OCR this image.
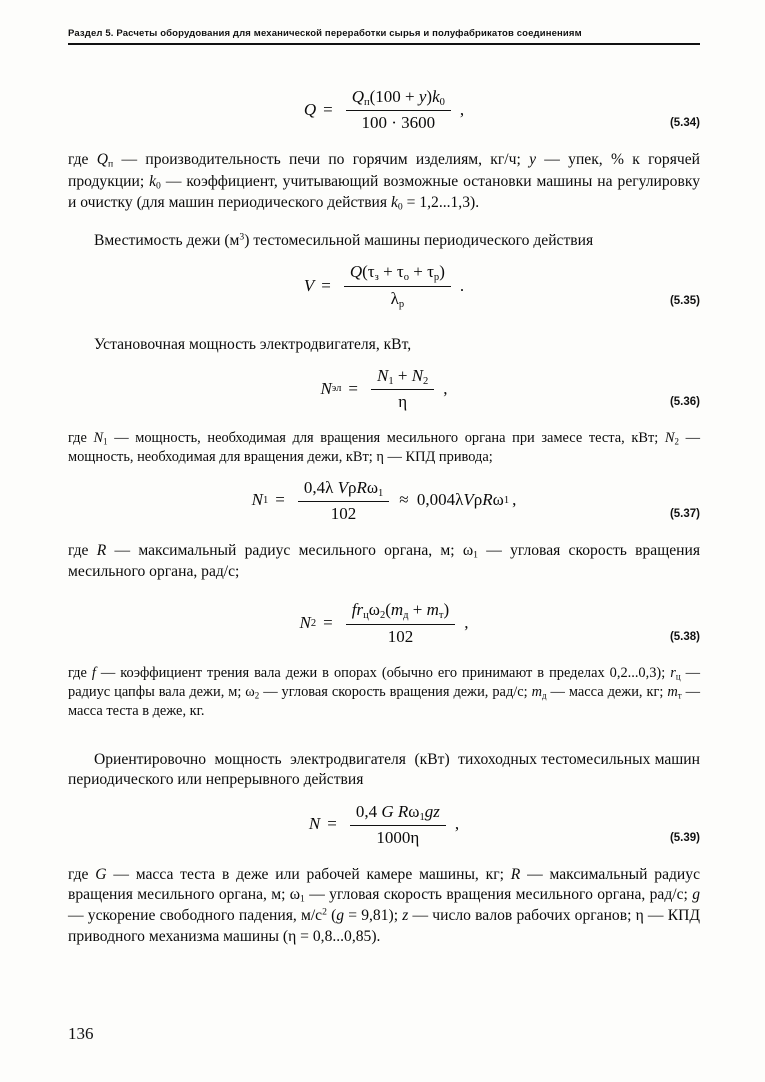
Раздел 5. Расчеты оборудования для механической переработки сырья и полуфабрикатов соединениям
$Q = \frac{Q_п(100 + y)k_0}{100 \cdot 3600}$ ,
(5.34)

где $Q_п$ — производительность печи по горячим изделиям, кг/ч; y — упек, % к горячей продукции; $k_0$ — коэффициент, учитывающий возможные остановки машины на регулировку и очистку (для машин периодического действия $k_0 = 1,2...1,3$).

Вместимость дежи $(м^3)$ тестомесильной машины периодического действия

$V = \frac{Q(\tau_з + \tau_о + \tau_р)}{\lambda_р}$ .
(5.35)

Установочная мощность электродвигателя, кВт,

N эл = $\frac{N_1 + N_2}{\eta}$ ,
(5.36)

где $N_1$ — мощность, необходимая для вращения месильного органа при замесе теста, кВт; $N_2$ — мощность, необходимая для вращения дежи, кВт; η — КПД привода;

N $1 = \frac{0,4\lambda V\rho R\omega_1}{102} \approx 0,004\lambda$ V ρ R ω 1 ,
(5.37)

где R — максимальный радиус месильного органа, м; $\omega_1$ — угловая скорость вращения месильного органа, рад/с;

N $2 = \frac{fr_ц\omega_2(m_д + m_т)}{102}$ ,
(5.38)

где f — коэффициент трения вала дежи в опорах (обычно его принимают в пределах 0,2...0,3); $r_ц$ — радиус цапфы вала дежи, м; $\omega_2$ — угловая скорость вращения дежи, рад/с; $m_д$ — масса дежи, кг; $m_т$ — масса теста в деже, кг.

Ориентировочно  мощность  электродвигателя  (кВт)  тихоходных тестомесильных машин периодического или непрерывного действия

$N = \frac{0,4 G R\omega_1gz}{1000\eta}$ ,
(5.39)

где G — масса теста в деже или рабочей камере машины, кг; R — максимальный радиус вращения месильного органа, м; $\omega_1$ — угловая скорость вращения месильного органа, рад/с; g — ускорение свободного падения, $м/с^2$ (g = 9,81); z — число валов рабочих органов; η — КПД приводного механизма машины (η = 0,8...0,85).

136
